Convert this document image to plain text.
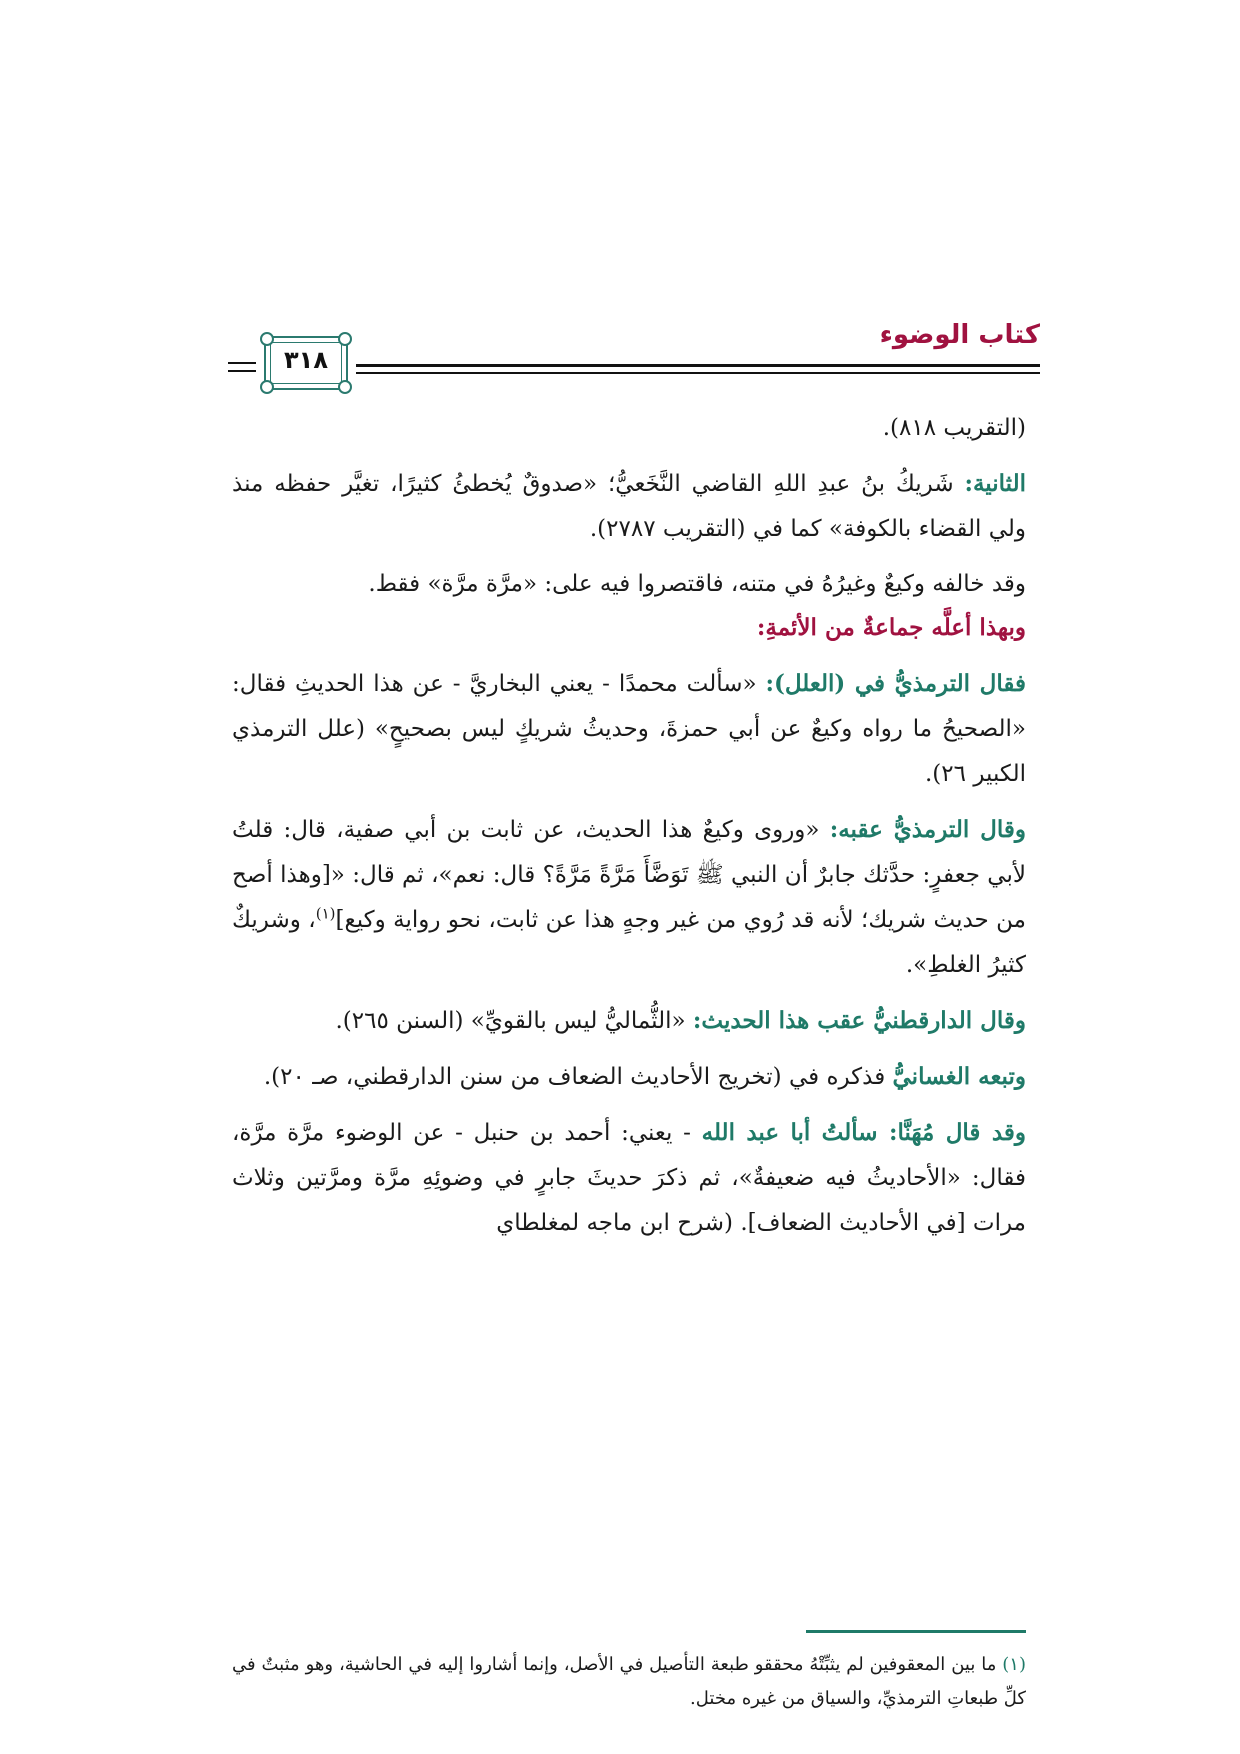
كتاب الوضوء
٣١٨

(التقريب ٨١٨).

الثانية: شَريكُ بنُ عبدِ اللهِ القاضي النَّخَعيُّ؛ «صدوقٌ يُخطئُ كثيرًا، تغيَّر حفظه منذ ولي القضاء بالكوفة» كما في (التقريب ٢٧٨٧).

وقد خالفه وكيعٌ وغيرُهُ في متنه، فاقتصروا فيه على: «مرَّة مرَّة» فقط.

وبهذا أعلَّه جماعةٌ من الأئمةِ:

فقال الترمذيُّ في (العلل): «سألت محمدًا - يعني البخاريَّ - عن هذا الحديثِ فقال: «الصحيحُ ما رواه وكيعٌ عن أبي حمزةَ، وحديثُ شريكٍ ليس بصحيحٍ» (علل الترمذي الكبير ٢٦).

وقال الترمذيُّ عقبه: «وروى وكيعٌ هذا الحديث، عن ثابت بن أبي صفية، قال: قلتُ لأبي جعفرٍ: حدَّثك جابرٌ أن النبي ﷺ تَوَضَّأَ مَرَّةً مَرَّةً؟ قال: نعم»، ثم قال: «[وهذا أصح من حديث شريك؛ لأنه قد رُوي من غير وجهٍ هذا عن ثابت، نحو رواية وكيع]$^{(١)}$، وشريكٌ كثيرُ الغلطِ».

وقال الدارقطنيُّ عقب هذا الحديث: «الثُّماليُّ ليس بالقويِّ» (السنن ٢٦٥).

وتبعه الغسانيُّ فذكره في (تخريج الأحاديث الضعاف من سنن الدارقطني، صـ ٢٠).

وقد قال مُهَنَّا: سألتُ أبا عبد الله - يعني: أحمد بن حنبل - عن الوضوء مرَّة مرَّة، فقال: «الأحاديثُ فيه ضعيفةٌ»، ثم ذكرَ حديثَ جابرٍ في وضوئِهِ مرَّة ومرَّتين وثلاث مرات [في الأحاديث الضعاف]. (شرح ابن ماجه لمغلطاي

(١) ما بين المعقوفين لم يثبِّتْهُ محققو طبعة التأصيل في الأصل، وإنما أشاروا إليه في الحاشية، وهو مثبتٌ في كلِّ طبعاتِ الترمذيِّ، والسياق من غيره مختل.
